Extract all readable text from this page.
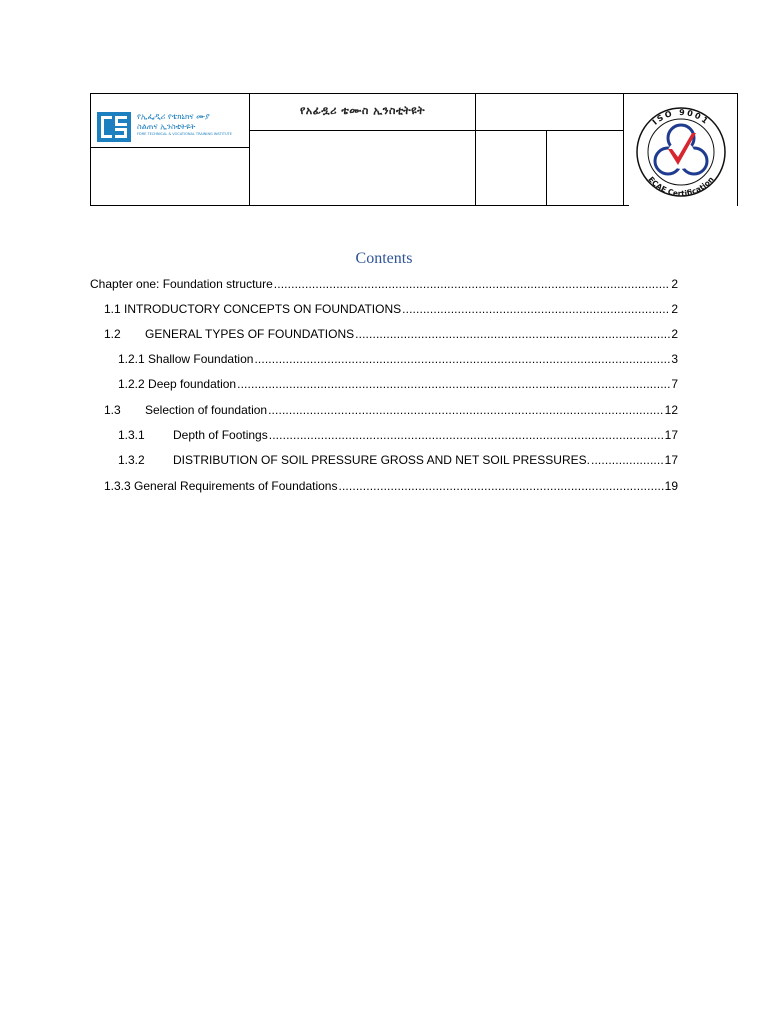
የኢፌዲሪ የቴክኒክና ሙያ
ስልጠና ኢንስቲትዩት
FDRE TECHNICAL & VOCATIONAL TRAINING INSTITUTE
የአፊዷሪ ቴሙስ ኢንስቲትዩት
ISO 9001
ECAE Certification
Contents
Chapter one: Foundation structure . . .	2
1.1 INTRODUCTORY CONCEPTS ON FOUNDATIONS . . .	2
1.2	GENERAL TYPES OF FOUNDATIONS . . .	2
1.2.1 Shallow Foundation . . .	3
1.2.2 Deep foundation . . .	7
1.3	Selection of foundation . . .	12
1.3.1	Depth of Footings . . .	17
1.3.2	DISTRIBUTION OF SOIL PRESSURE GROSS AND NET SOIL PRESSURES. . . .	17
1.3.3 General Requirements of Foundations . . .	19
